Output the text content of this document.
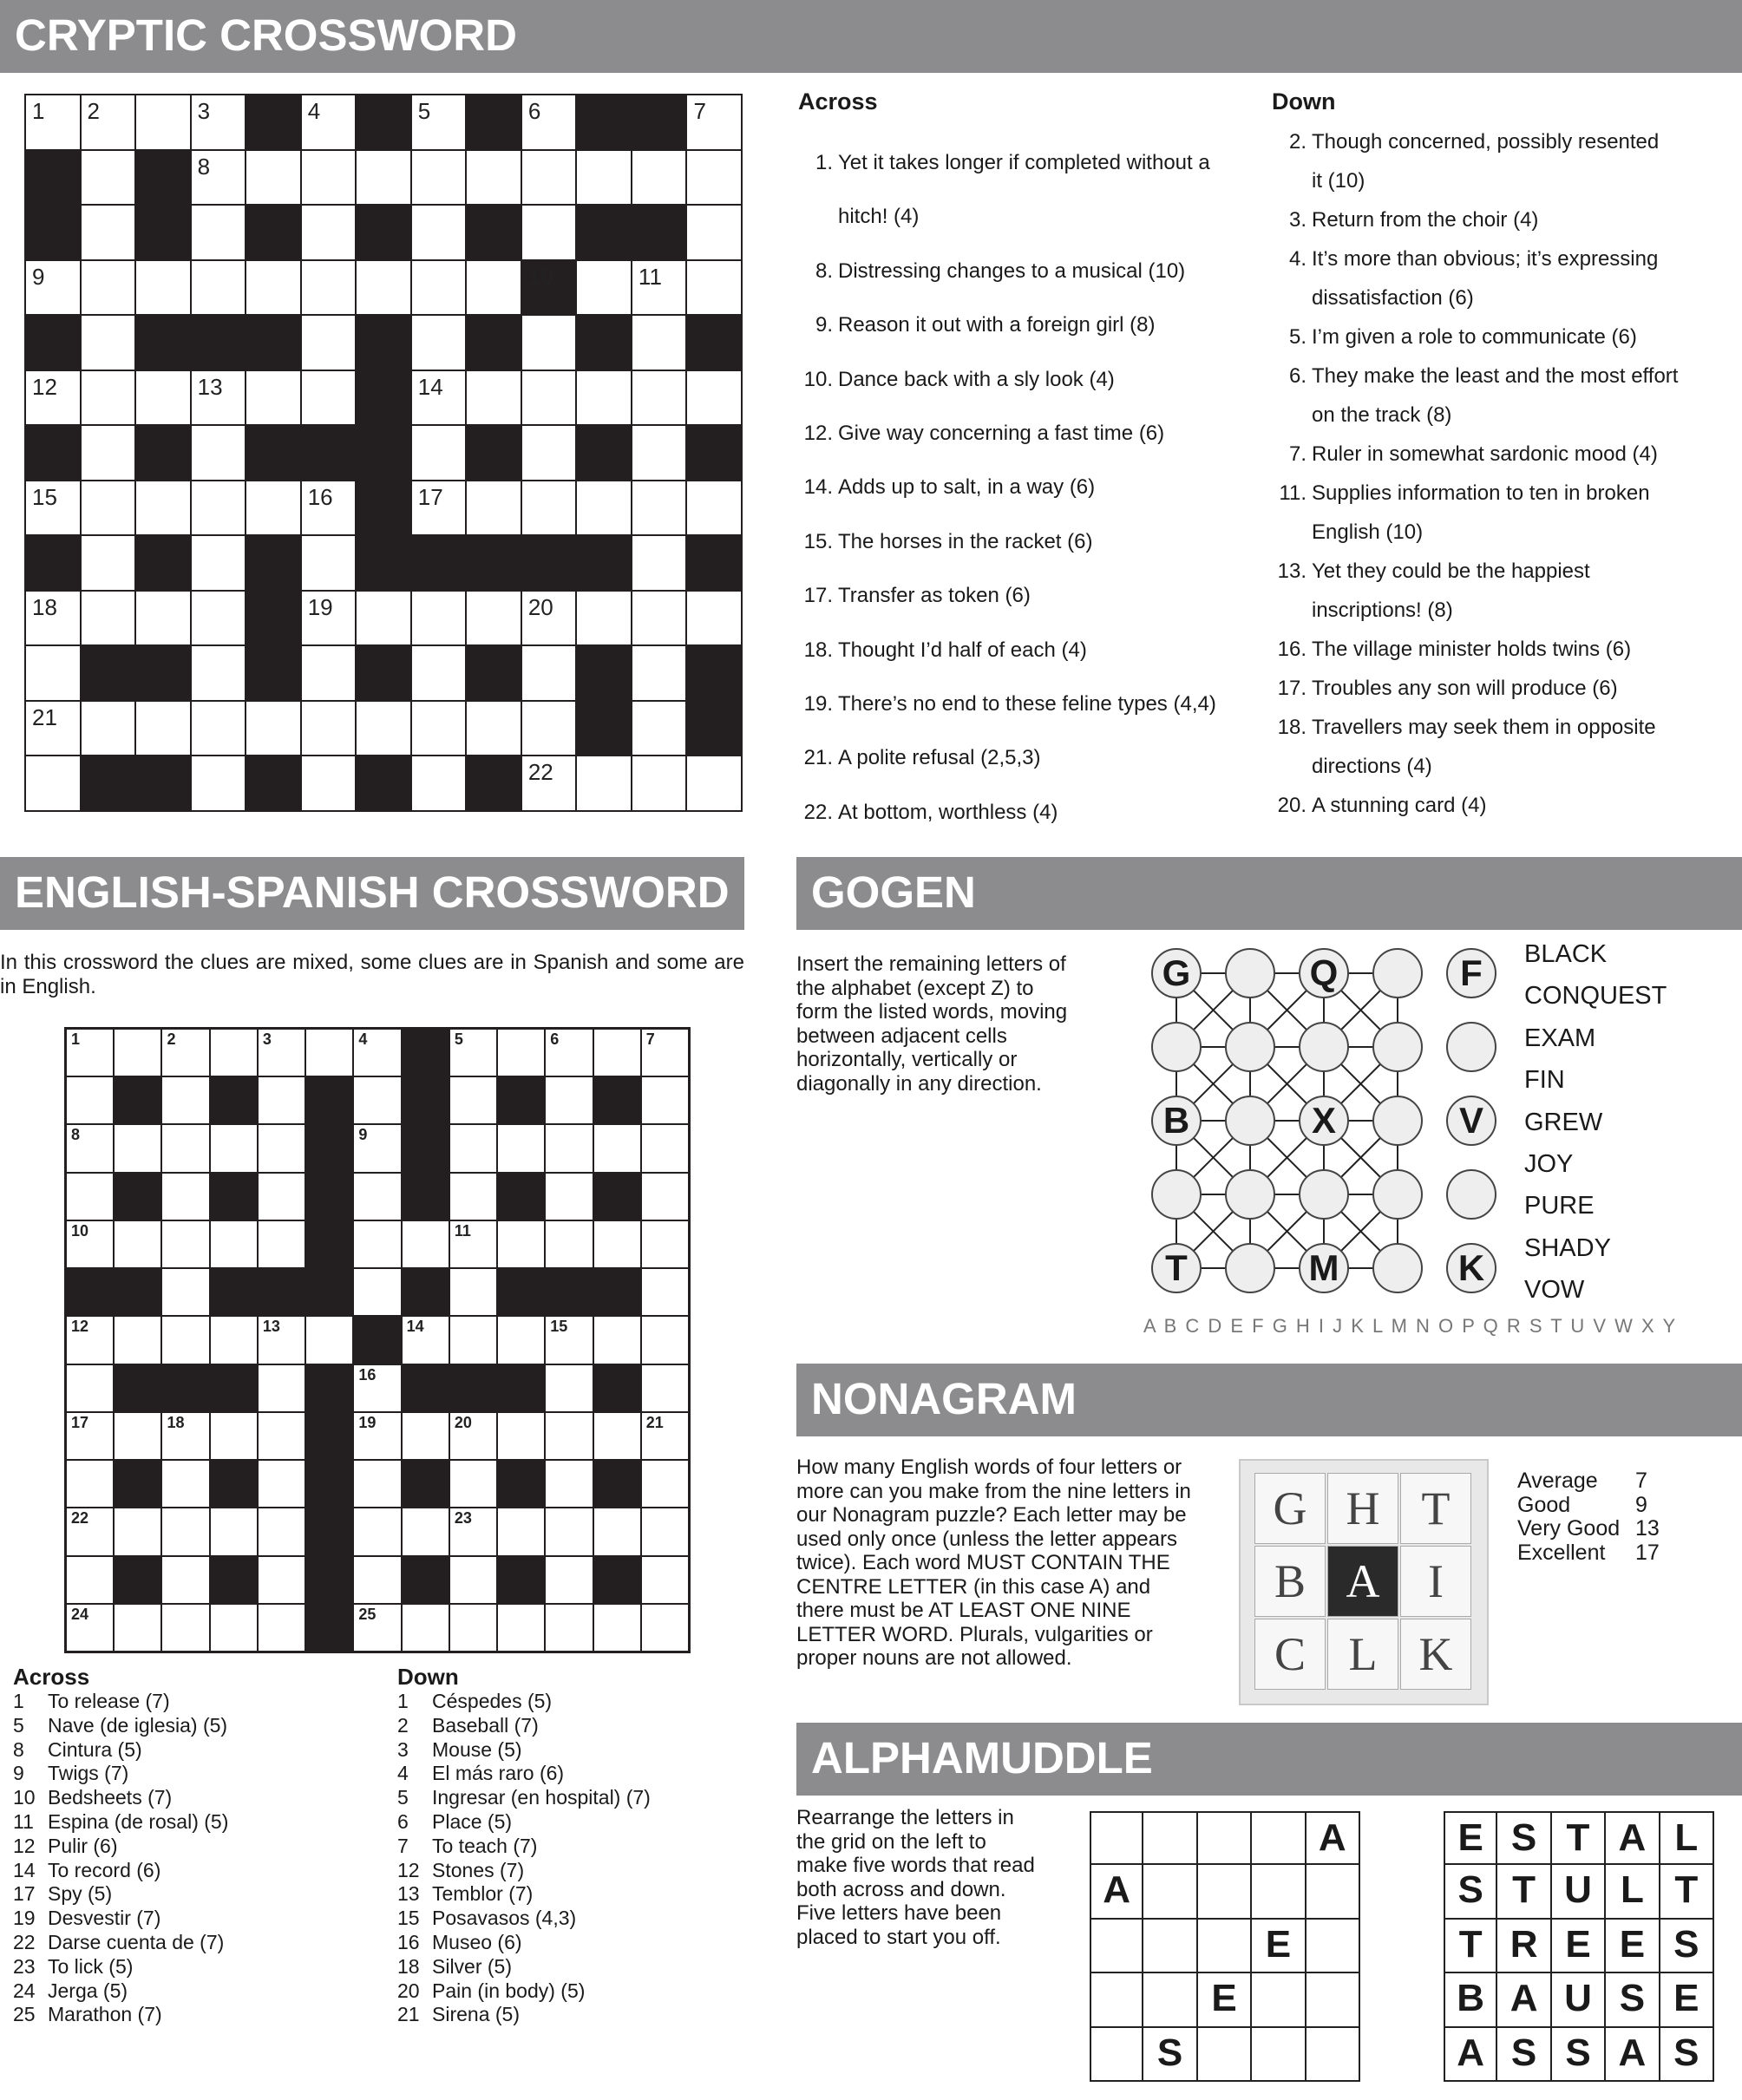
CRYPTIC CROSSWORD
1 2	3	4	5	6	7
8
9	10	11
12	13	14
15	16	17
18	19	20
21
22
Across
1. Yet it takes longer if completed without a
hitch! (4)
8. Distressing changes to a musical (10)
9. Reason it out with a foreign girl (8)
10. Dance back with a sly look (4)
12. Give way concerning a fast time (6)
14. Adds up to salt, in a way (6)
15. The horses in the racket (6)
17. Transfer as token (6)
18. Thought I’d half of each (4)
19. There’s no end to these feline types (4,4)
21. A polite refusal (2,5,3)
22. At bottom, worthless (4)
Down
2. Though concerned, possibly resented
it (10)
3. Return from the choir (4)
4. It’s more than obvious; it’s expressing
dissatisfaction (6)
5. I’m given a role to communicate (6)
6. They make the least and the most effort
on the track (8)
7. Ruler in somewhat sardonic mood (4)
11. Supplies information to ten in broken
English (10)
13. Yet they could be the happiest
inscriptions! (8)
16. The village minister holds twins (6)
17. Troubles any son will produce (6)
18. Travellers may seek them in opposite
directions (4)
20. A stunning card (4)
ENGLISH-SPANISH CROSSWORD
In this crossword the clues are mixed, some clues are in Spanish and some are in English.
1	2	3	4	5	6	7
8	9
10	11
12	13	14	15
16
17	18	19	20	21
22	23
24	25
Across
1 To release (7)
5 Nave (de iglesia) (5)
8 Cintura (5)
9 Twigs (7)
10 Bedsheets (7)
11 Espina (de rosal) (5)
12 Pulir (6)
14 To record (6)
17 Spy (5)
19 Desvestir (7)
22 Darse cuenta de (7)
23 To lick (5)
24 Jerga (5)
25 Marathon (7)
Down
1 Céspedes (5)
2 Baseball (7)
3 Mouse (5)
4 El más raro (6)
5 Ingresar (en hospital) (7)
6 Place (5)
7 To teach (7)
12 Stones (7)
13 Temblor (7)
15 Posavasos (4,3)
16 Museo (6)
18 Silver (5)
20 Pain (in body) (5)
21 Sirena (5)
GOGEN
Insert the remaining letters of the alphabet (except Z) to form the listed words, moving between adjacent cells horizontally, vertically or diagonally in any direction.
G	Q	F
B	X	V
T	M	K
BLACK
CONQUEST
EXAM
FIN
GREW
JOY
PURE
SHADY
VOW
A B C D E F G H I J K L M N O P Q R S T U V W X Y
NONAGRAM
How many English words of four letters or more can you make from the nine letters in our Nonagram puzzle? Each letter may be used only once (unless the letter appears twice). Each word MUST CONTAIN THE CENTRE LETTER (in this case A) and there must be AT LEAST ONE NINE LETTER WORD. Plurals, vulgarities or proper nouns are not allowed.
G H T
B A	I
C L K
Average 7
Good	9
Very Good 13
Excellent 17
ALPHAMUDDLE
Rearrange the letters in the grid on the left to make five words that read both across and down. Five letters have been placed to start you off.
A
A
E
E
S
E S T A L
S T U L T
T R E E S
B A U S E
A S S A S
